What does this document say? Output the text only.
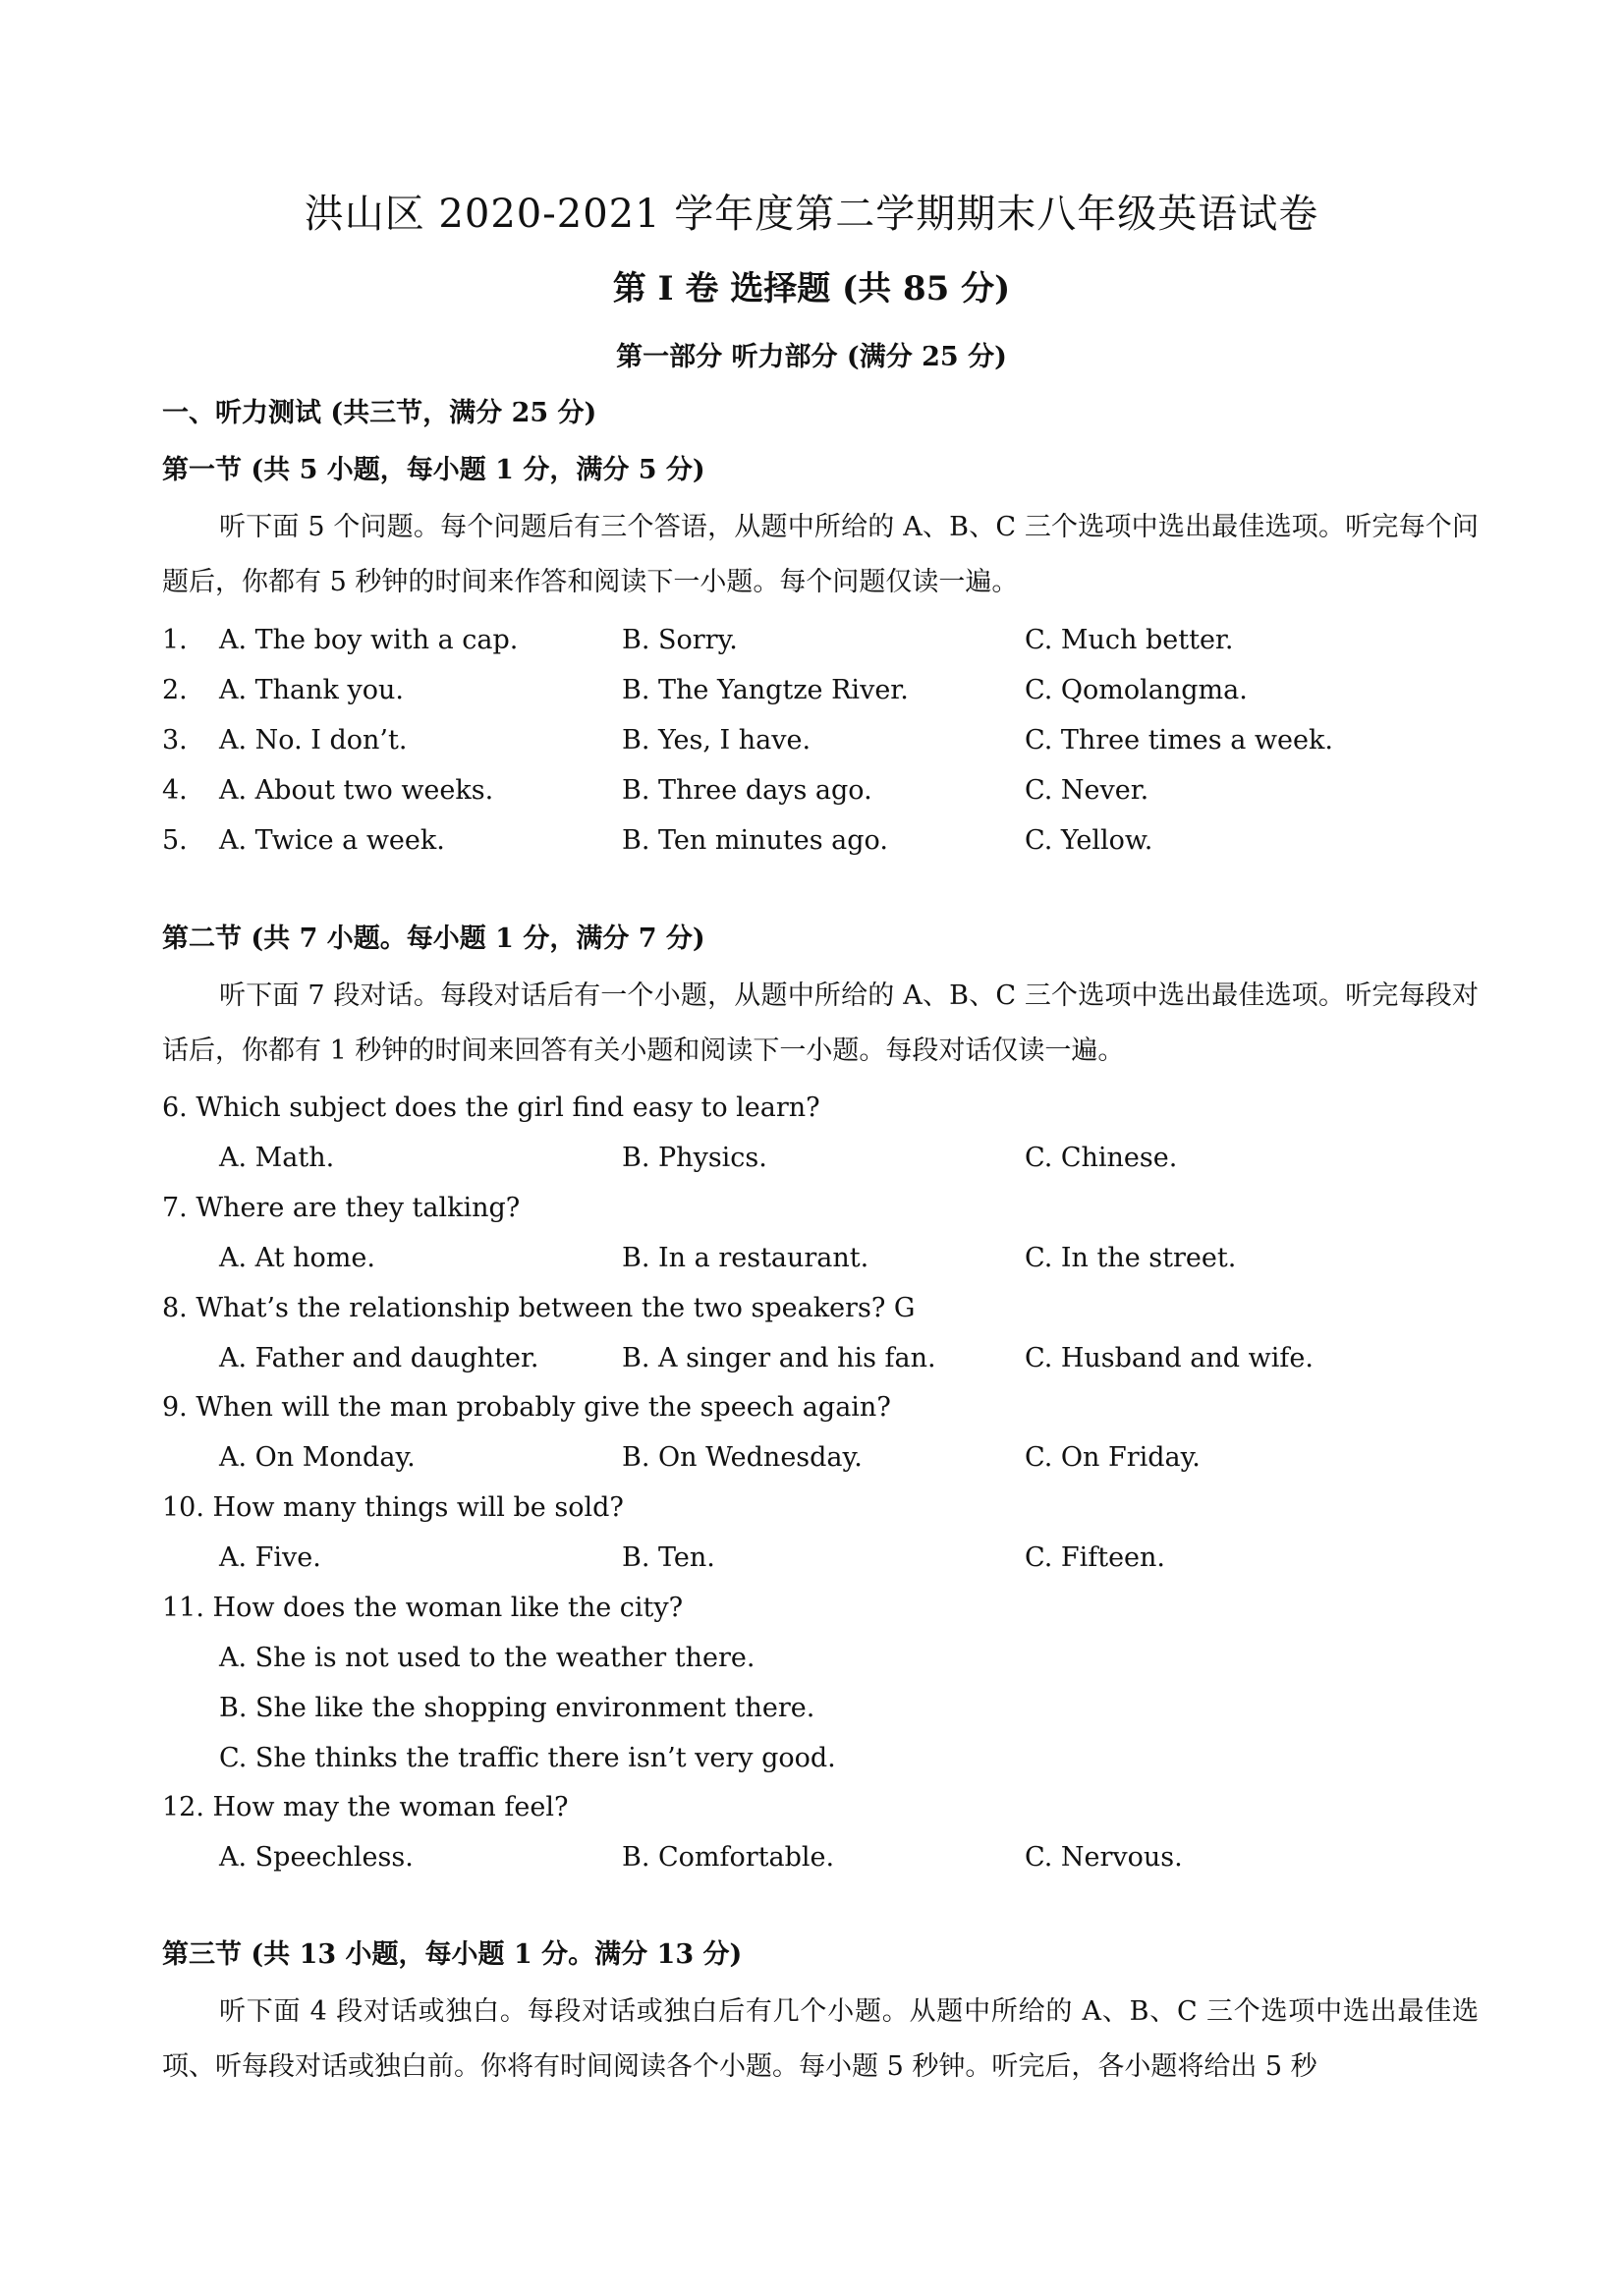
洪山区 2020-2021 学年度第二学期期末八年级英语试卷
第 I 卷 选择题 (共 85 分)
第一部分 听力部分 (满分 25 分)
一、听力测试 (共三节，满分 25 分)
第一节 (共 5 小题，每小题 1 分，满分 5 分)
听下面 5 个问题。每个问题后有三个答语，从题中所给的 A、B、C 三个选项中选出最佳选项。听完每个问题后，你都有 5 秒钟的时间来作答和阅读下一小题。每个问题仅读一遍。
1. A. The boy with a cap.	B. Sorry.	C. Much better.
2. A. Thank you.	B. The Yangtze River.	C. Qomolangma.
3. A. No. I don’t.	B. Yes, I have.	C. Three times a week.
4. A. About two weeks.	B. Three days ago.	C. Never.
5. A. Twice a week.	B. Ten minutes ago.	C. Yellow.
第二节 (共 7 小题。每小题 1 分，满分 7 分)
听下面 7 段对话。每段对话后有一个小题，从题中所给的 A、B、C 三个选项中选出最佳选项。听完每段对话后，你都有 1 秒钟的时间来回答有关小题和阅读下一小题。每段对话仅读一遍。
6. Which subject does the girl find easy to learn?
A. Math.	B. Physics.	C. Chinese.
7. Where are they talking?
A. At home.	B. In a restaurant.	C. In the street.
8. What’s the relationship between the two speakers? G
A. Father and daughter.	B. A singer and his fan.	C. Husband and wife.
9. When will the man probably give the speech again?
A. On Monday.	B. On Wednesday.	C. On Friday.
10. How many things will be sold?
A. Five.	B. Ten.	C. Fifteen.
11. How does the woman like the city?
A. She is not used to the weather there.
B. She like the shopping environment there.
C. She thinks the traffic there isn’t very good.
12. How may the woman feel?
A. Speechless.	B. Comfortable.	C. Nervous.
第三节 (共 13 小题，每小题 1 分。满分 13 分)
听下面 4 段对话或独白。每段对话或独白后有几个小题。从题中所给的 A、B、C 三个选项中选出最佳选项、听每段对话或独白前。你将有时间阅读各个小题。每小题 5 秒钟。听完后，各小题将给出 5 秒
